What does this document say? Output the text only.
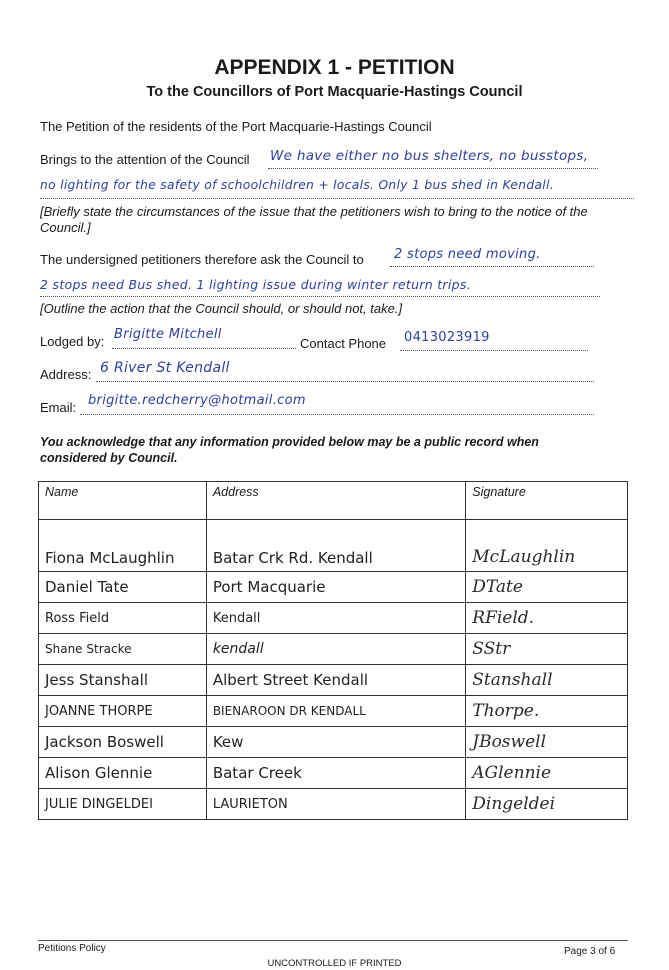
APPENDIX 1 - PETITION
To the Councillors of Port Macquarie-Hastings Council
The Petition of the residents of the Port Macquarie-Hastings Council
Brings to the attention of the Council We have either no bus shelters, no busstops,
no lighting for the safety of schoolchildren + locals. Only 1 bus shed in Kendall.
[Briefly state the circumstances of the issue that the petitioners wish to bring to the notice of the Council.]
The undersigned petitioners therefore ask the Council to 2 stops need moving.
2 stops need Bus shed. 1 lighting issue during winter return trips.
[Outline the action that the Council should, or should not, take.]
Lodged by: Brigitte Mitchell
Contact Phone 0413023919
Address: 6 River St Kendall
Email: brigitte.redcherry@hotmail.com
You acknowledge that any information provided below may be a public record when considered by Council.
Name	Address	Signature
Fiona McLaughlin	Batar Crk Rd. Kendall	McLaughlin
Daniel Tate	Port Macquarie	DTate
Ross Field	Kendall	RField.
Shane Stracke	kendall	SStr
Jess Stanshall	Albert Street Kendall	Stanshall
JOANNE THORPE	BIENAROON DR KENDALL	Thorpe.
Jackson Boswell	Kew	JBoswell
Alison Glennie	Batar Creek	AGlennie
JULIE DINGELDEI	LAURIETON	Dingeldei
Petitions Policy	Page 3 of 6
UNCONTROLLED IF PRINTED
